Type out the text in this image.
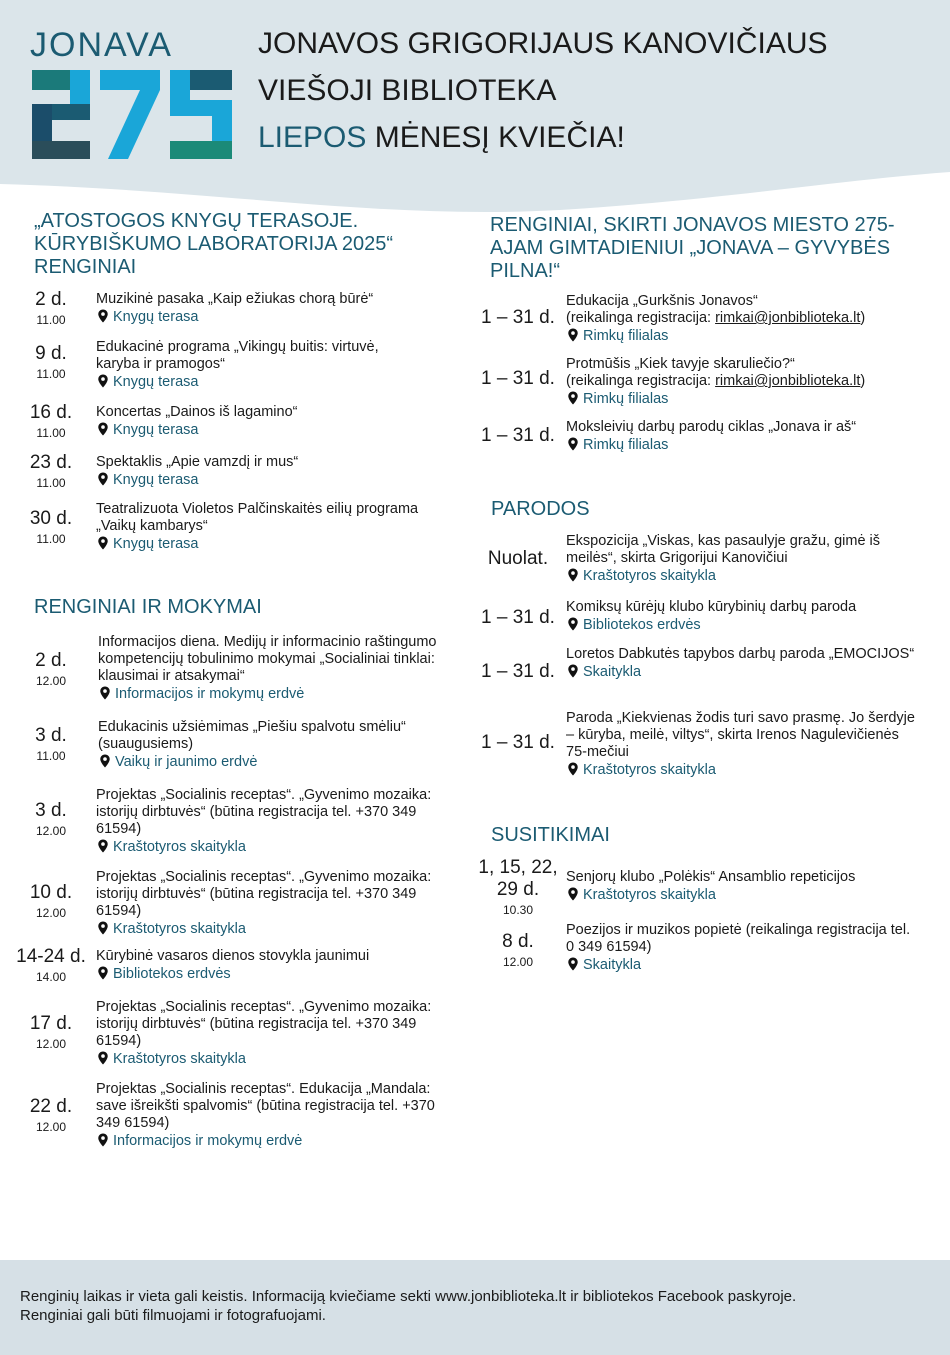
JONAVA	JONAVOS GRIGORIJAUS KANOVIČIAUS
VIEŠOJI BIBLIOTEKA
LIEPOS MĖNESĮ KVIEČIA!
„ATOSTOGOS KNYGŲ TERASOJE. KŪRYBIŠKUMO LABORATORIJA 2025“ RENGINIAI
2 d.
11.00
Muzikinė pasaka „Kaip ežiukas chorą būrė“
Knygų terasa
9 d.
11.00
Edukacinė programa „Vikingų buitis: virtuvė, karyba ir pramogos“
Knygų terasa
16 d.
11.00
Koncertas „Dainos iš lagamino“
Knygų terasa
23 d.
11.00
Spektaklis „Apie vamzdį ir mus“
Knygų terasa
30 d.
11.00
Teatralizuota Violetos Palčinskaitės eilių programa „Vaikų kambarys“
Knygų terasa
2 d.
12.00
Informacijos diena. Medijų ir informacinio raštingumo kompetencijų tobulinimo mokymai „Socialiniai tinklai: klausimai ir atsakymai“
Informacijos ir mokymų erdvė
3 d.
11.00
Edukacinis užsiėmimas „Piešiu spalvotu smėliu“ (suaugusiems)
Vaikų ir jaunimo erdvė
3 d.
12.00
Projektas „Socialinis receptas“. „Gyvenimo mozaika: istorijų dirbtuvės“ (būtina registracija tel. +370 349 61594)
Kraštotyros skaitykla
10 d.
12.00
Projektas „Socialinis receptas“. „Gyvenimo mozaika: istorijų dirbtuvės“ (būtina registracija tel. +370 349 61594)
Kraštotyros skaitykla
14-24 d.
14.00
Kūrybinė vasaros dienos stovykla jaunimui
Bibliotekos erdvės
17 d.
12.00
Projektas „Socialinis receptas“. „Gyvenimo mozaika: istorijų dirbtuvės“ (būtina registracija tel. +370 349 61594)
Kraštotyros skaitykla
22 d.
12.00
Projektas „Socialinis receptas“. Edukacija „Mandala: save išreikšti spalvomis“ (būtina registracija tel. +370 349 61594)
Informacijos ir mokymų erdvė
1 – 31 d.
Edukacija „Gurkšnis Jonavos“
(reikalinga registracija: rimkai@jonbiblioteka.lt)
Rimkų filialas
1 – 31 d.
Protmūšis „Kiek tavyje skaruliečio?“
(reikalinga registracija: rimkai@jonbiblioteka.lt)
Rimkų filialas
1 – 31 d. Moksleivių darbų parodų ciklas „Jonava ir aš“
Rimkų filialas
Nuolat.
Ekspozicija „Viskas, kas pasaulyje gražu, gimė iš meilės“, skirta Grigorijui Kanovičiui
Kraštotyros skaitykla
1 – 31 d. Komiksų kūrėjų klubo kūrybinių darbų paroda
Bibliotekos erdvės
1 – 31 d.
Loretos Dabkutės tapybos darbų paroda „EMOCIJOS“
Skaitykla
1 – 31 d.
Paroda „Kiekvienas žodis turi savo prasmę. Jo šerdyje – kūryba, meilė, viltys“, skirta Irenos Nagulevičienės 75-mečiui
Kraštotyros skaitykla
1, 15, 22, 29 d.
10.30
Senjorų klubo „Polėkis“ Ansamblio repeticijos
Kraštotyros skaitykla
8 d.
12.00
Poezijos ir muzikos popietė (reikalinga registracija tel. 0 349 61594)
Skaitykla
RENGINIAI IR MOKYMAI
RENGINIAI, SKIRTI JONAVOS MIESTO 275-AJAM GIMTADIENIUI „JONAVA – GYVYBĖS PILNA!“
PARODOS
SUSITIKIMAI

Renginių laikas ir vieta gali keistis. Informaciją kviečiame sekti www.jonbiblioteka.lt ir bibliotekos Facebook paskyroje.

Renginiai gali būti filmuojami ir fotografuojami.
